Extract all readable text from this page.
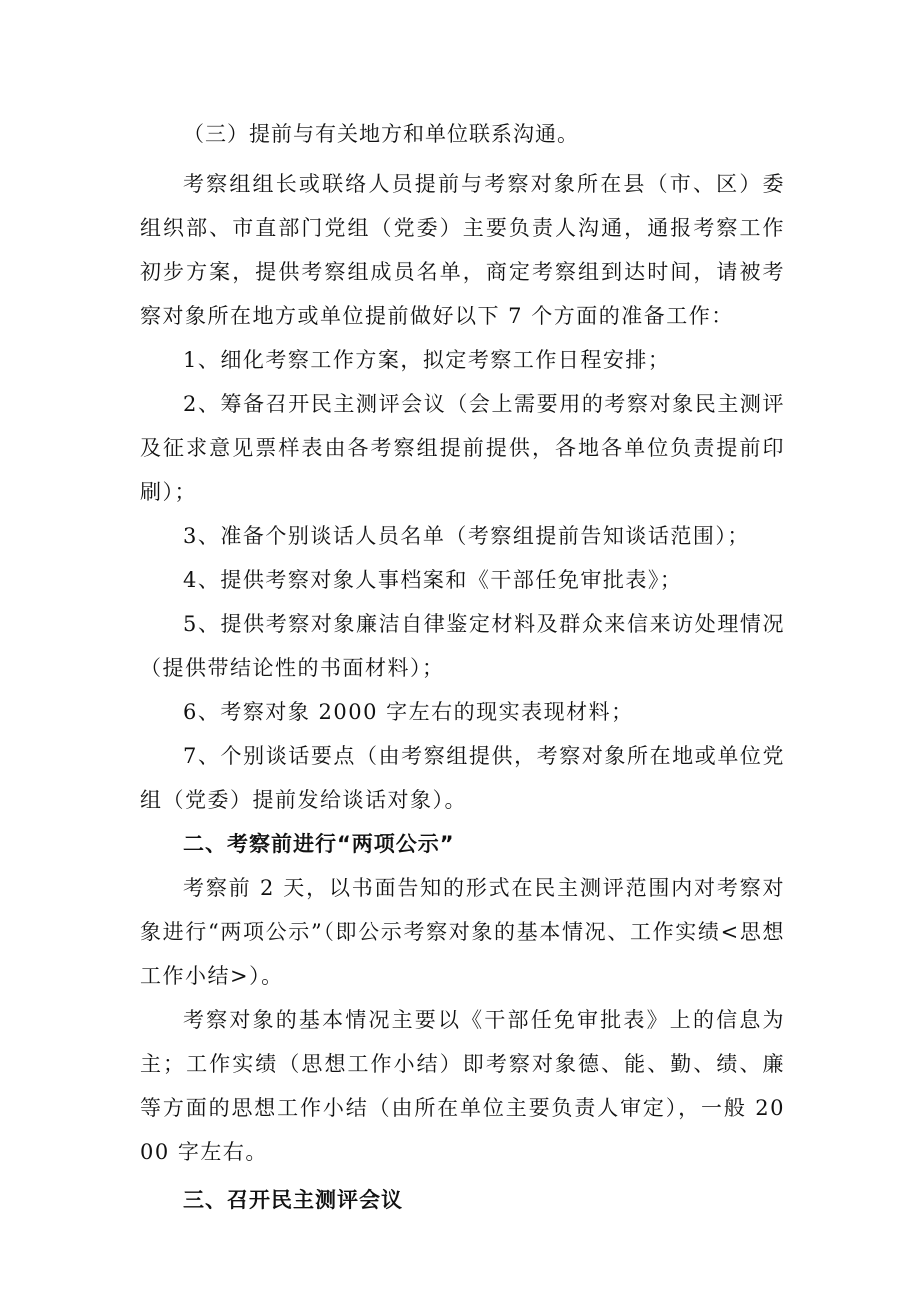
（三）提前与有关地方和单位联系沟通。

考察组组长或联络人员提前与考察对象所在县（市、区）委组织部、市直部门党组（党委）主要负责人沟通，通报考察工作初步方案，提供考察组成员名单，商定考察组到达时间，请被考察对象所在地方或单位提前做好以下 7 个方面的准备工作：

1、细化考察工作方案，拟定考察工作日程安排；

2、筹备召开民主测评会议（会上需要用的考察对象民主测评及征求意见票样表由各考察组提前提供，各地各单位负责提前印刷）；

3、准备个别谈话人员名单（考察组提前告知谈话范围）；

4、提供考察对象人事档案和《干部任免审批表》；

5、提供考察对象廉洁自律鉴定材料及群众来信来访处理情况（提供带结论性的书面材料）；

6、考察对象 2000 字左右的现实表现材料；

7、个别谈话要点（由考察组提供，考察对象所在地或单位党组（党委）提前发给谈话对象）。

二、考察前进行“两项公示”

考察前 2 天，以书面告知的形式在民主测评范围内对考察对象进行“两项公示”（即公示考察对象的基本情况、工作实绩<思想工作小结>）。

考察对象的基本情况主要以《干部任免审批表》上的信息为主；工作实绩（思想工作小结）即考察对象德、能、勤、绩、廉等方面的思想工作小结（由所在单位主要负责人审定），一般 2000 字左右。

三、召开民主测评会议
